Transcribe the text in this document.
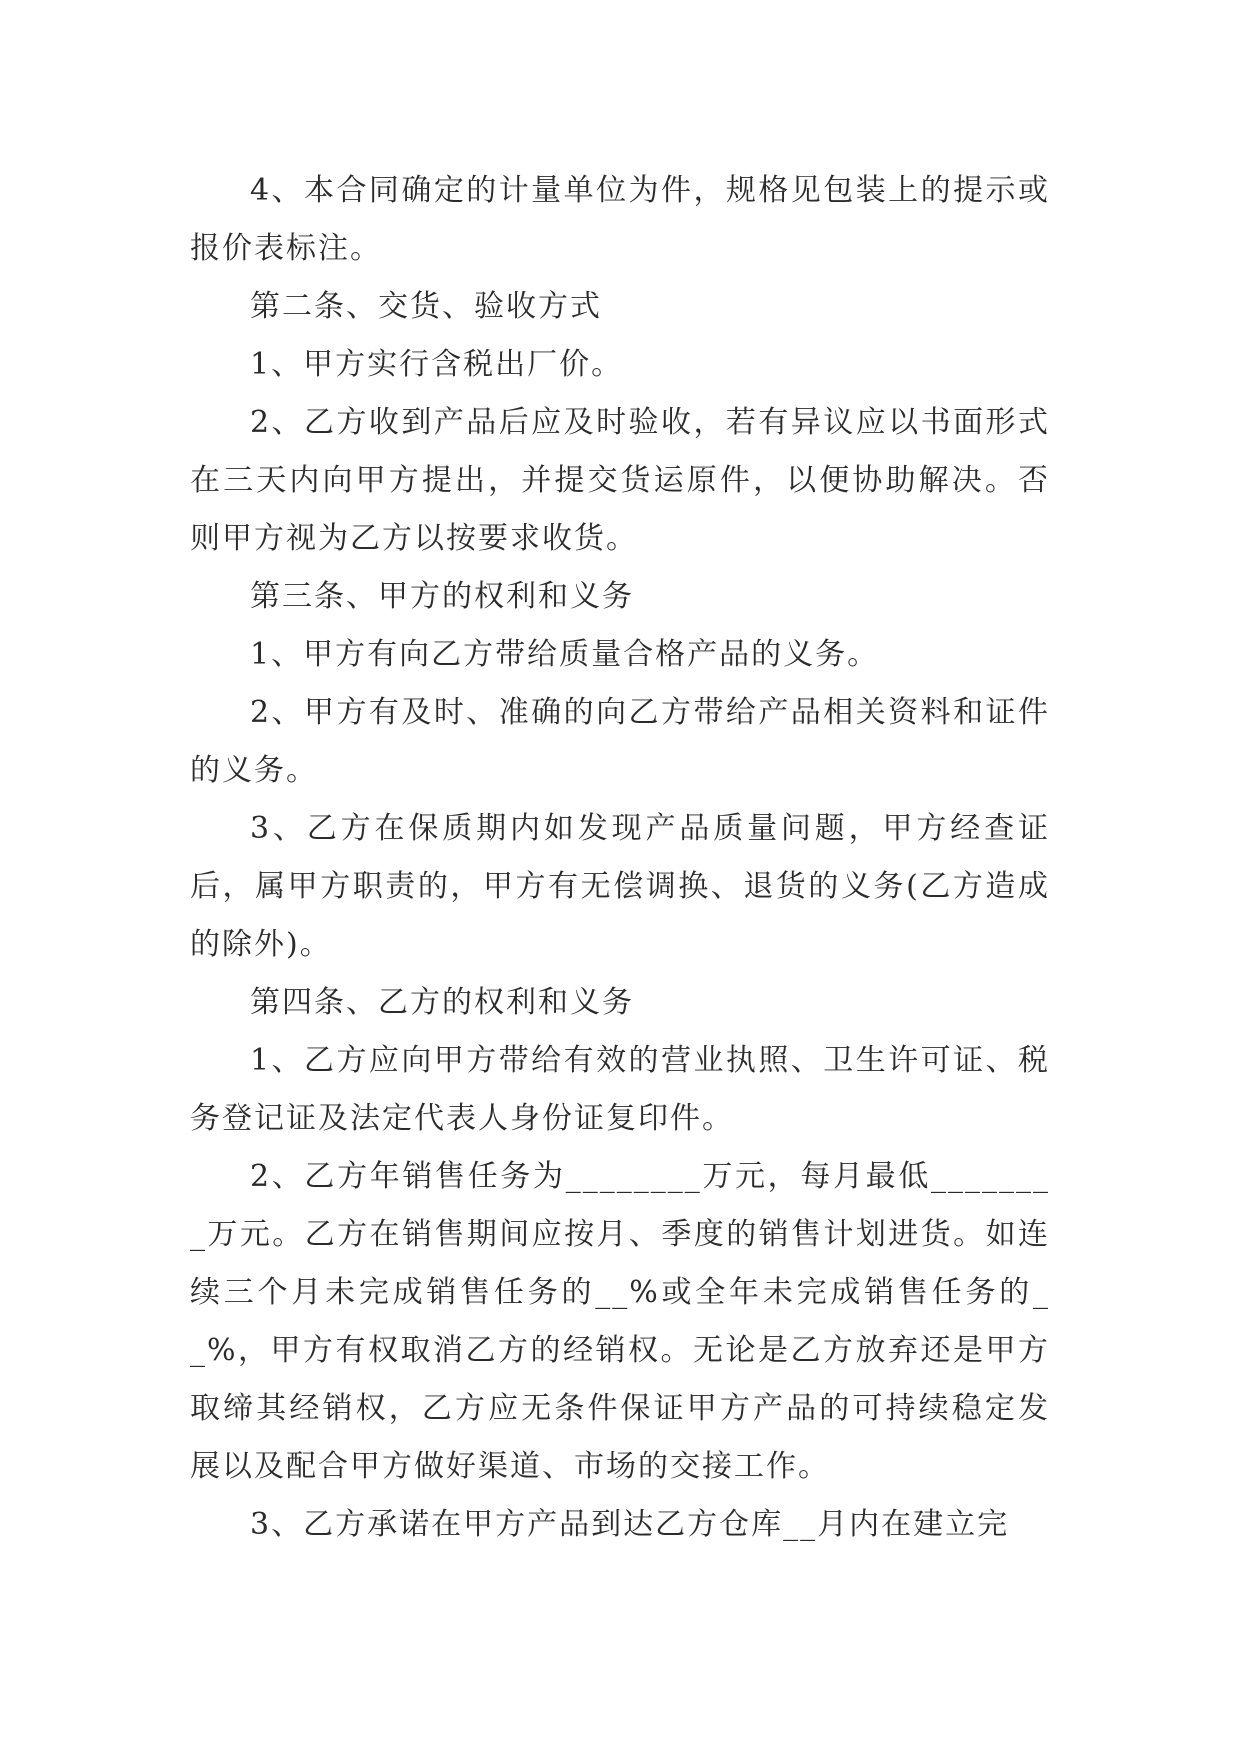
4、本合同确定的计量单位为件，规格见包装上的提示或报价表标注。

第二条、交货、验收方式

1、甲方实行含税出厂价。

2、乙方收到产品后应及时验收，若有异议应以书面形式在三天内向甲方提出，并提交货运原件，以便协助解决。否则甲方视为乙方以按要求收货。

第三条、甲方的权利和义务

1、甲方有向乙方带给质量合格产品的义务。

2、甲方有及时、准确的向乙方带给产品相关资料和证件的义务。

3、乙方在保质期内如发现产品质量问题，甲方经查证后，属甲方职责的，甲方有无偿调换、退货的义务(乙方造成的除外)。

第四条、乙方的权利和义务

1、乙方应向甲方带给有效的营业执照、卫生许可证、税务登记证及法定代表人身份证复印件。

2、乙方年销售任务为________万元，每月最低________万元。乙方在销售期间应按月、季度的销售计划进货。如连续三个月未完成销售任务的__%或全年未完成销售任务的__%，甲方有权取消乙方的经销权。无论是乙方放弃还是甲方取缔其经销权，乙方应无条件保证甲方产品的可持续稳定发展以及配合甲方做好渠道、市场的交接工作。

3、乙方承诺在甲方产品到达乙方仓库__月内在建立完
